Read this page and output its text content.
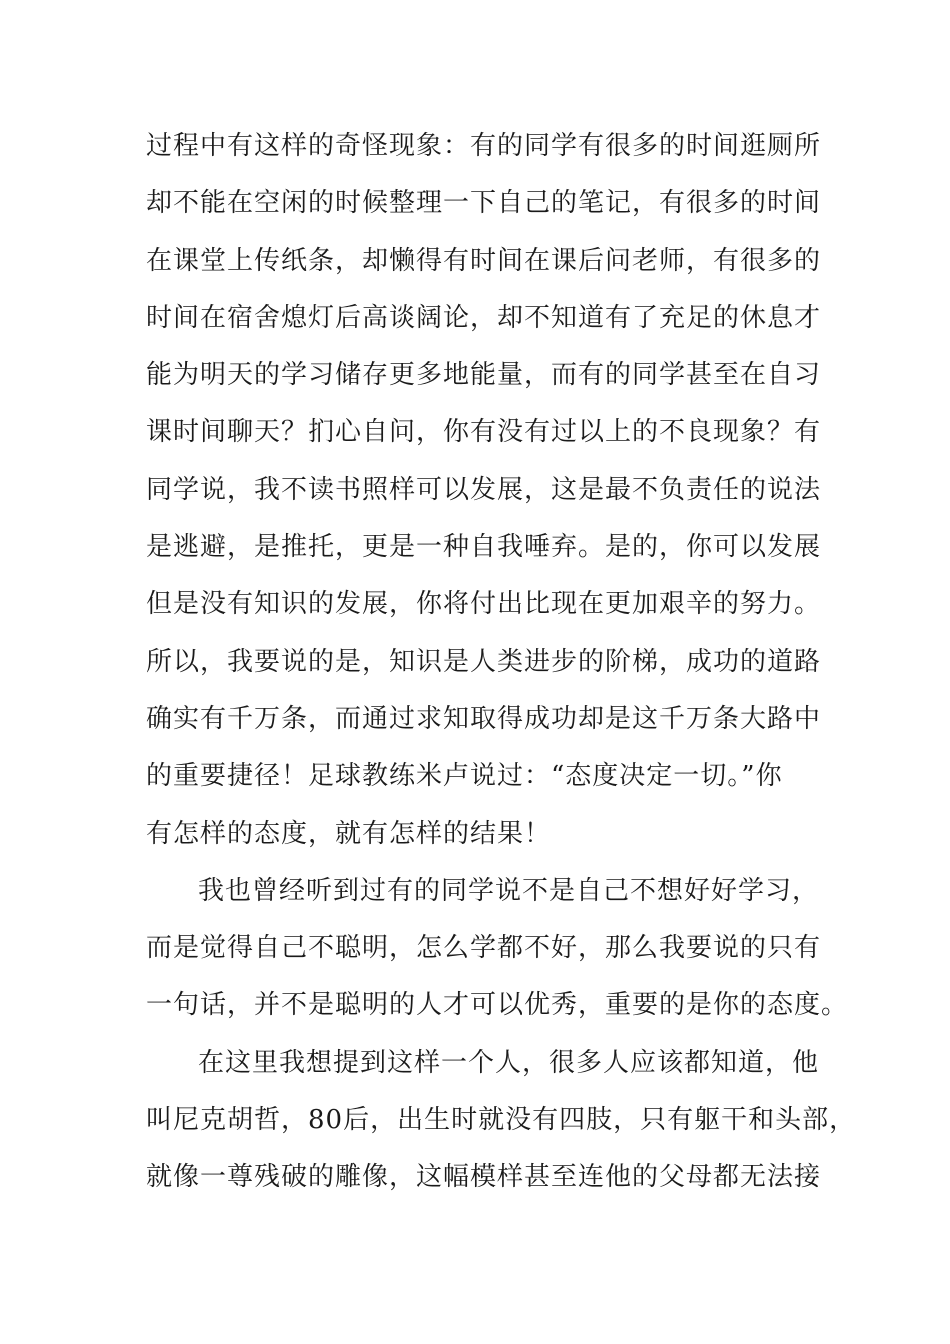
过程中有这样的奇怪现象：有的同学有很多的时间逛厕所
却不能在空闲的时候整理一下自己的笔记，有很多的时间
在课堂上传纸条，却懒得有时间在课后问老师，有很多的
时间在宿舍熄灯后高谈阔论，却不知道有了充足的休息才
能为明天的学习储存更多地能量，而有的同学甚至在自习
课时间聊天？扪心自问，你有没有过以上的不良现象？有
同学说，我不读书照样可以发展，这是最不负责任的说法
是逃避，是推托，更是一种自我唾弃。是的，你可以发展
但是没有知识的发展，你将付出比现在更加艰辛的努力。
所以，我要说的是，知识是人类进步的阶梯，成功的道路
确实有千万条，而通过求知取得成功却是这千万条大路中
的重要捷径！足球教练米卢说过：“态度决定一切。”你
有怎样的态度，就有怎样的结果！
我也曾经听到过有的同学说不是自己不想好好学习，
而是觉得自己不聪明，怎么学都不好，那么我要说的只有
一句话，并不是聪明的人才可以优秀，重要的是你的态度。
在这里我想提到这样一个人，很多人应该都知道，他
叫尼克胡哲，80后，出生时就没有四肢，只有躯干和头部，
就像一尊残破的雕像，这幅模样甚至连他的父母都无法接
